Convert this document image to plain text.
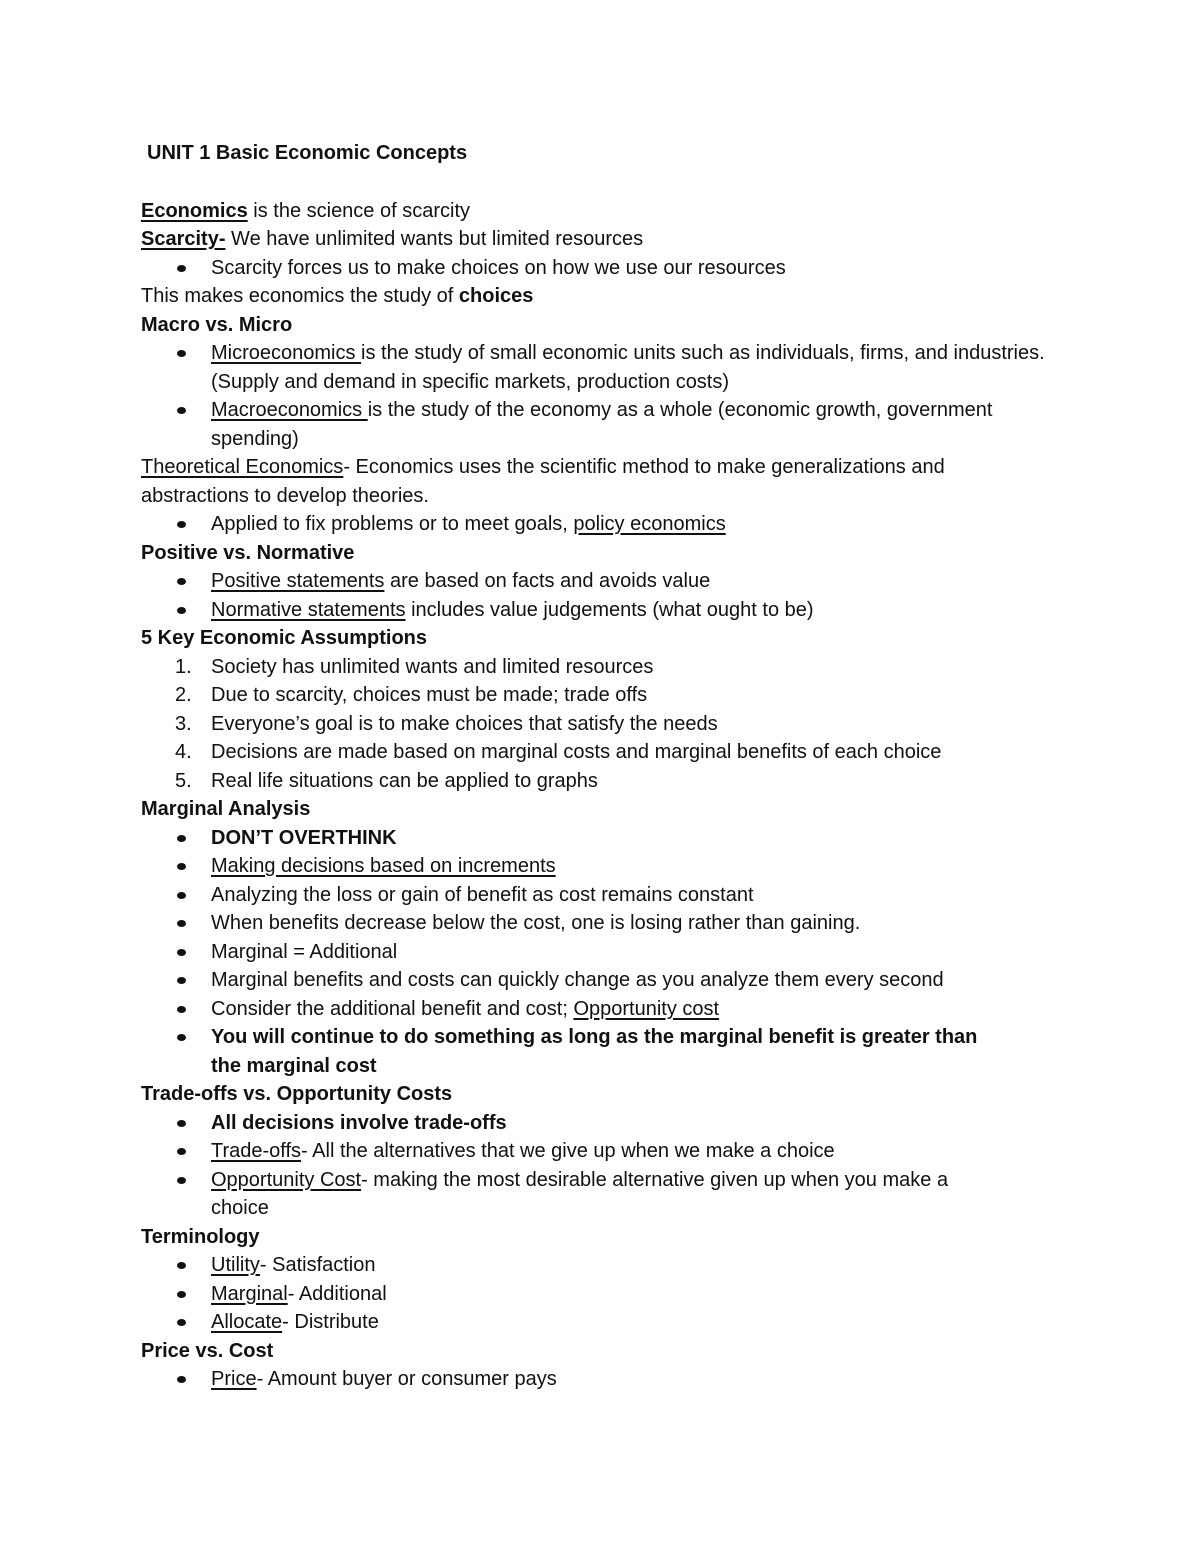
UNIT 1 Basic Economic Concepts
Economics is the science of scarcity
Scarcity- We have unlimited wants but limited resources
Scarcity forces us to make choices on how we use our resources
This makes economics the study of choices
Macro vs. Micro
Microeconomics is the study of small economic units such as individuals, firms, and industries. (Supply and demand in specific markets, production costs)
Macroeconomics is the study of the economy as a whole (economic growth, government spending)
Theoretical Economics- Economics uses the scientific method to make generalizations and
abstractions to develop theories.
Applied to fix problems or to meet goals, policy economics
Positive vs. Normative
Positive statements are based on facts and avoids value
Normative statements includes value judgements (what ought to be)
5 Key Economic Assumptions
1. Society has unlimited wants and limited resources
2. Due to scarcity, choices must be made; trade offs
3. Everyone’s goal is to make choices that satisfy the needs
4. Decisions are made based on marginal costs and marginal benefits of each choice
5. Real life situations can be applied to graphs
Marginal Analysis
DON’T OVERTHINK
Making decisions based on increments
Analyzing the loss or gain of benefit as cost remains constant
When benefits decrease below the cost, one is losing rather than gaining.
Marginal = Additional
Marginal benefits and costs can quickly change as you analyze them every second
Consider the additional benefit and cost; Opportunity cost
You will continue to do something as long as the marginal benefit is greater than
the marginal cost
Trade-offs vs. Opportunity Costs
All decisions involve trade-offs
Trade-offs- All the alternatives that we give up when we make a choice
Opportunity Cost- making the most desirable alternative given up when you make a
choice
Terminology
Utility- Satisfaction
Marginal- Additional
Allocate- Distribute
Price vs. Cost
Price- Amount buyer or consumer pays
